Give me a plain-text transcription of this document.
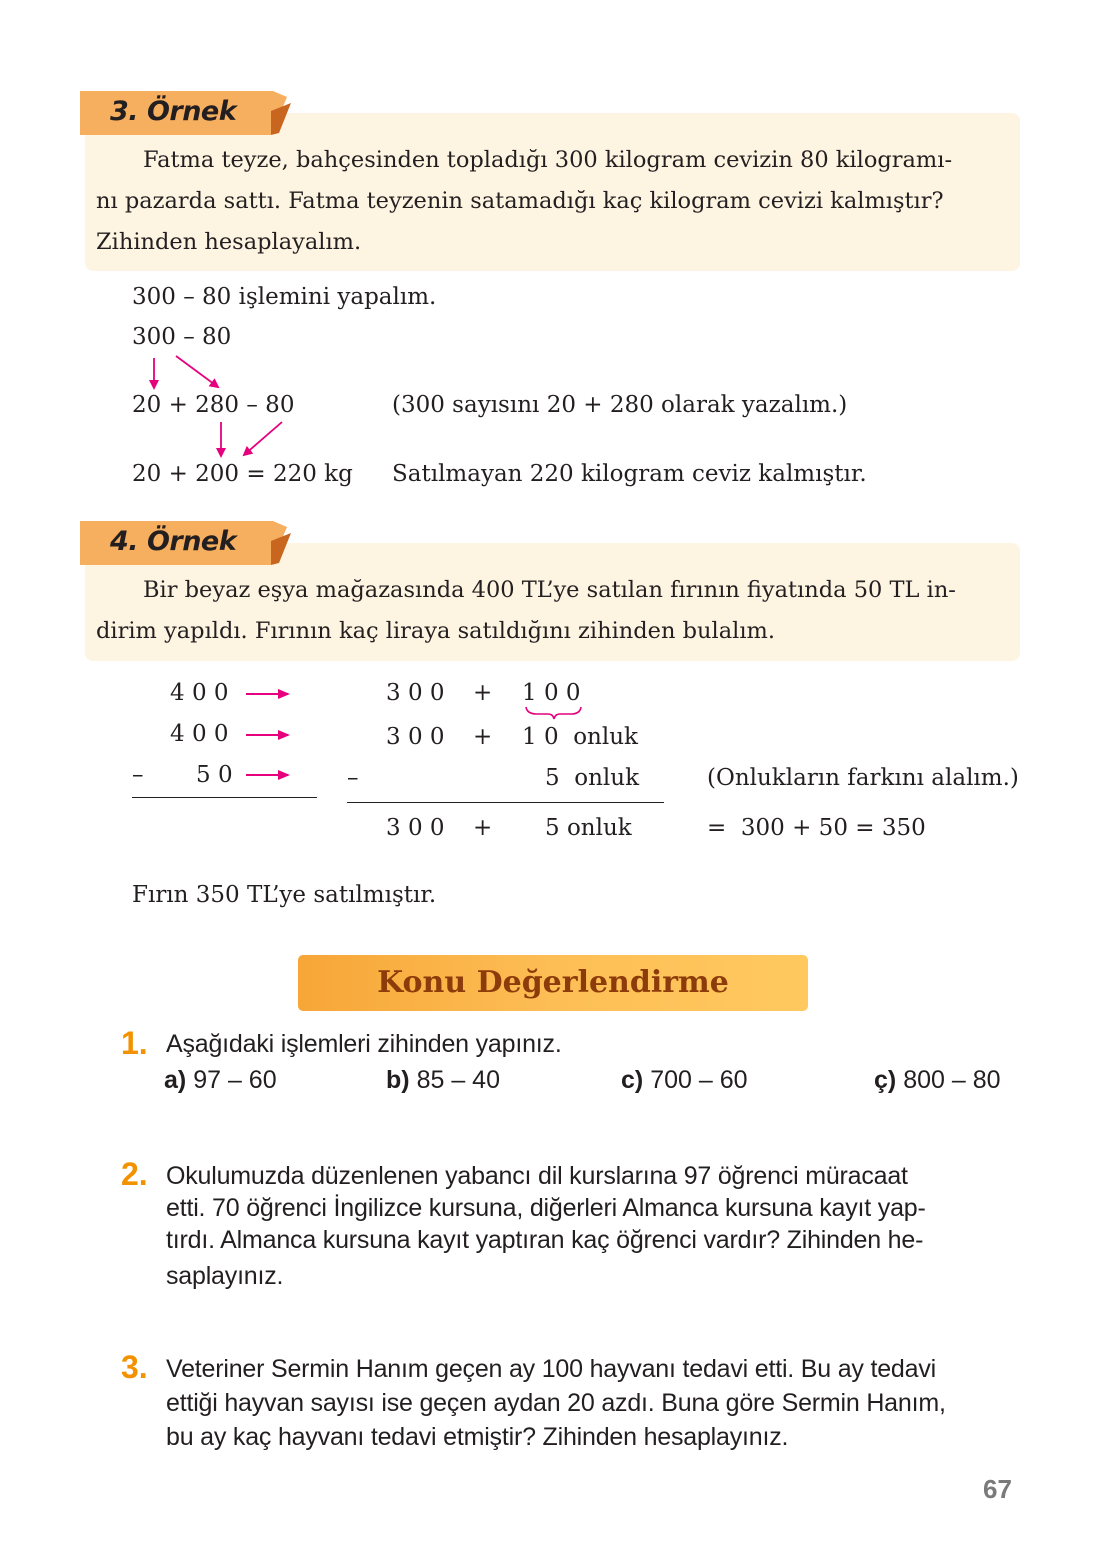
3. Örnek
Fatma teyze, bahçesinden topladığı 300 kilogram cevizin 80 kilogramı-
nı pazarda sattı. Fatma teyzenin satamadığı kaç kilogram cevizi kalmıştır?
Zihinden hesaplayalım.
300 – 80 işlemini yapalım.
300 – 80
20 + 280 – 80	(300 sayısını 20 + 280 olarak yazalım.)
20 + 200 = 220 kg Satılmayan 220 kilogram ceviz kalmıştır.
4. Örnek
Bir beyaz eşya mağazasında 400 TL’ye satılan fırının fiyatında 50 TL in-
dirim yapıldı. Fırının kaç liraya satıldığını zihinden bulalım.
4 0 0
4 0 0
– 5 0
3 0 0 + 1 0 0
3 0 0 + 1 0  onluk
–	5  onluk	(Onlukların farkını alalım.)
3 0 0 + 5 onluk	=  300 + 50 = 350
Fırın 350 TL’ye satılmıştır.
Konu Değerlendirme
1. Aşağıdaki işlemleri zihinden yapınız.
a) 97 – 60	b) 85 – 40	c) 700 – 60	ç) 800 – 80
2. Okulumuzda düzenlenen yabancı dil kurslarına 97 öğrenci müracaat
etti. 70 öğrenci İngilizce kursuna, diğerleri Almanca kursuna kayıt yap-
tırdı. Almanca kursuna kayıt yaptıran kaç öğrenci vardır? Zihinden he-
saplayınız.
3. Veteriner Sermin Hanım geçen ay 100 hayvanı tedavi etti. Bu ay tedavi
ettiği hayvan sayısı ise geçen aydan 20 azdı. Buna göre Sermin Hanım,
bu ay kaç hayvanı tedavi etmiştir? Zihinden hesaplayınız.
67
